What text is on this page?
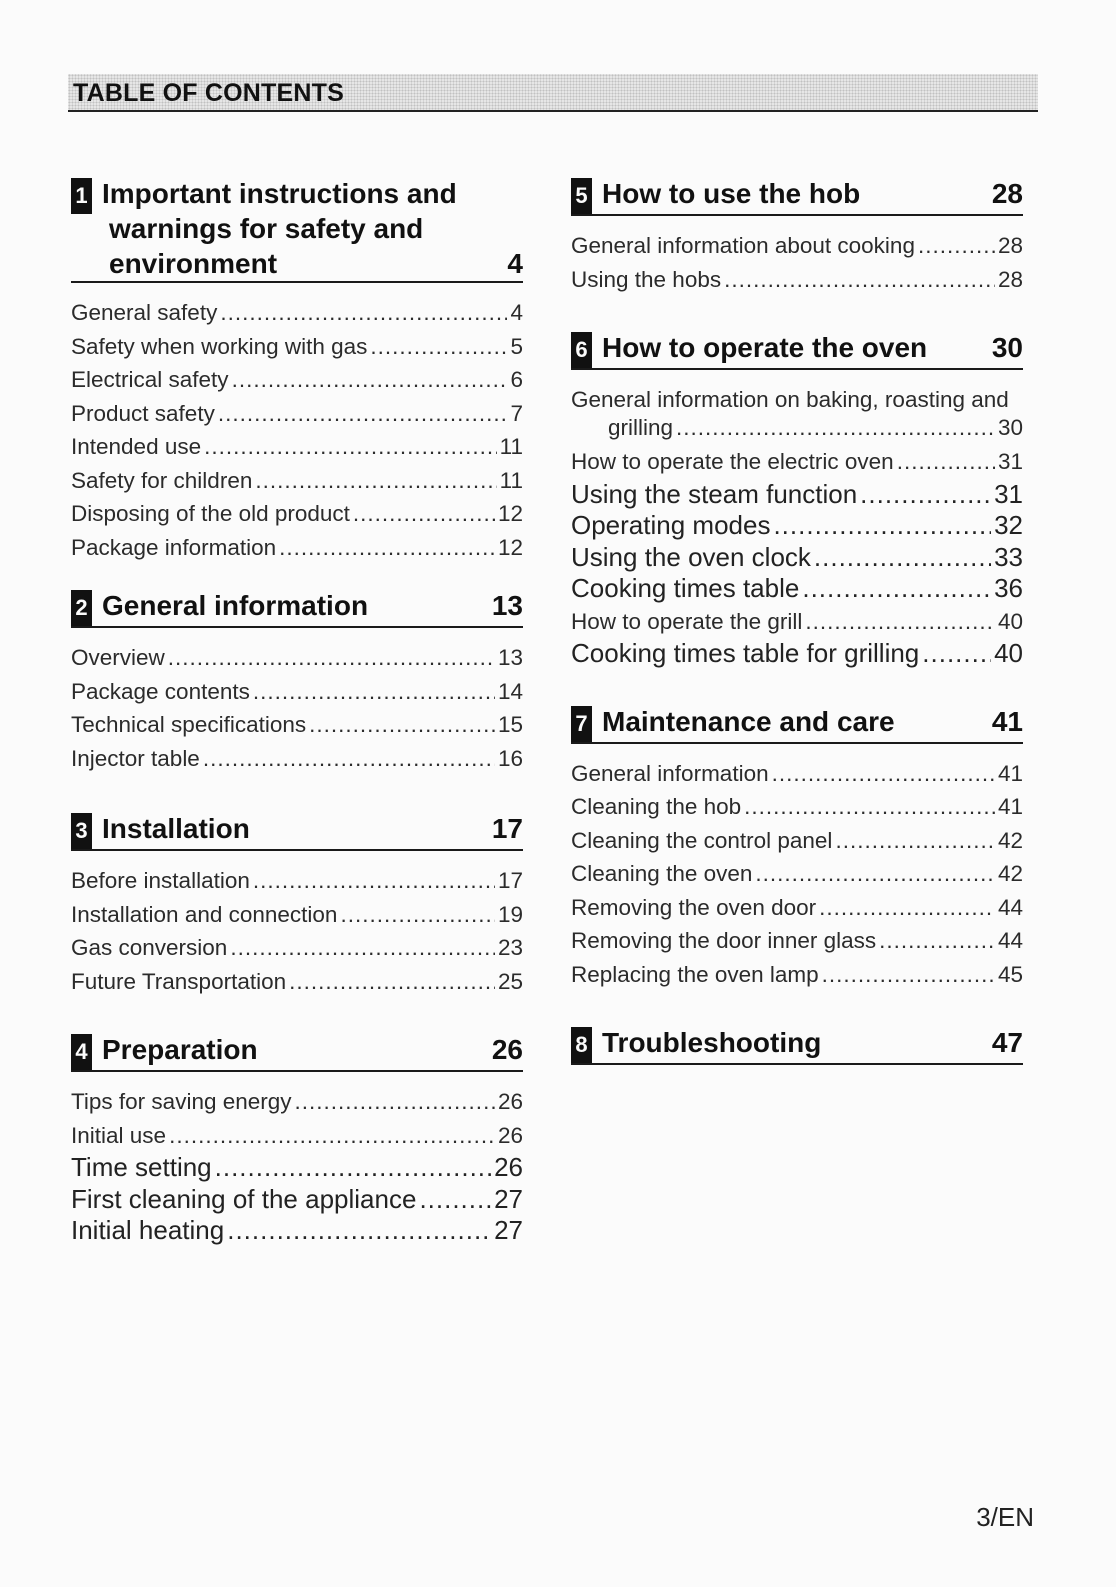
TABLE OF CONTENTS
1 Important instructions and
warnings for safety and
environment	4
General safety .....	4
Safety when working with gas .....	5
Electrical safety .....	6
Product safety .....	7
Intended use .....	11
Safety for children .....	11
Disposing of the old product .....	12
Package information .....	12
2 General information	13
Overview .....	13
Package contents .....	14
Technical specifications .....	15
Injector table .....	16
3 Installation	17
Before installation .....	17
Installation and connection .....	19
Gas conversion .....	23
Future Transportation .....	25
4 Preparation	26
Tips for saving energy .....	26
Initial use .....	26
Time setting .....	26
First cleaning of the appliance .....	27
Initial heating .....	27
5 How to use the hob	28
General information about cooking .....	28
Using the hobs .....	28
6 How to operate the oven 30
General information on baking, roasting and
grilling .....	30
How to operate the electric oven .....	31
Using the steam function .....	31
Operating modes .....	32
Using the oven clock .....	33
Cooking times table .....	36
How to operate the grill .....	40
Cooking times table for grilling .....	40
7 Maintenance and care	41
General information .....	41
Cleaning the hob .....	41
Cleaning the control panel .....	42
Cleaning the oven .....	42
Removing the oven door .....	44
Removing the door inner glass .....	44
Replacing the oven lamp .....	45
8 Troubleshooting	47
3/EN
